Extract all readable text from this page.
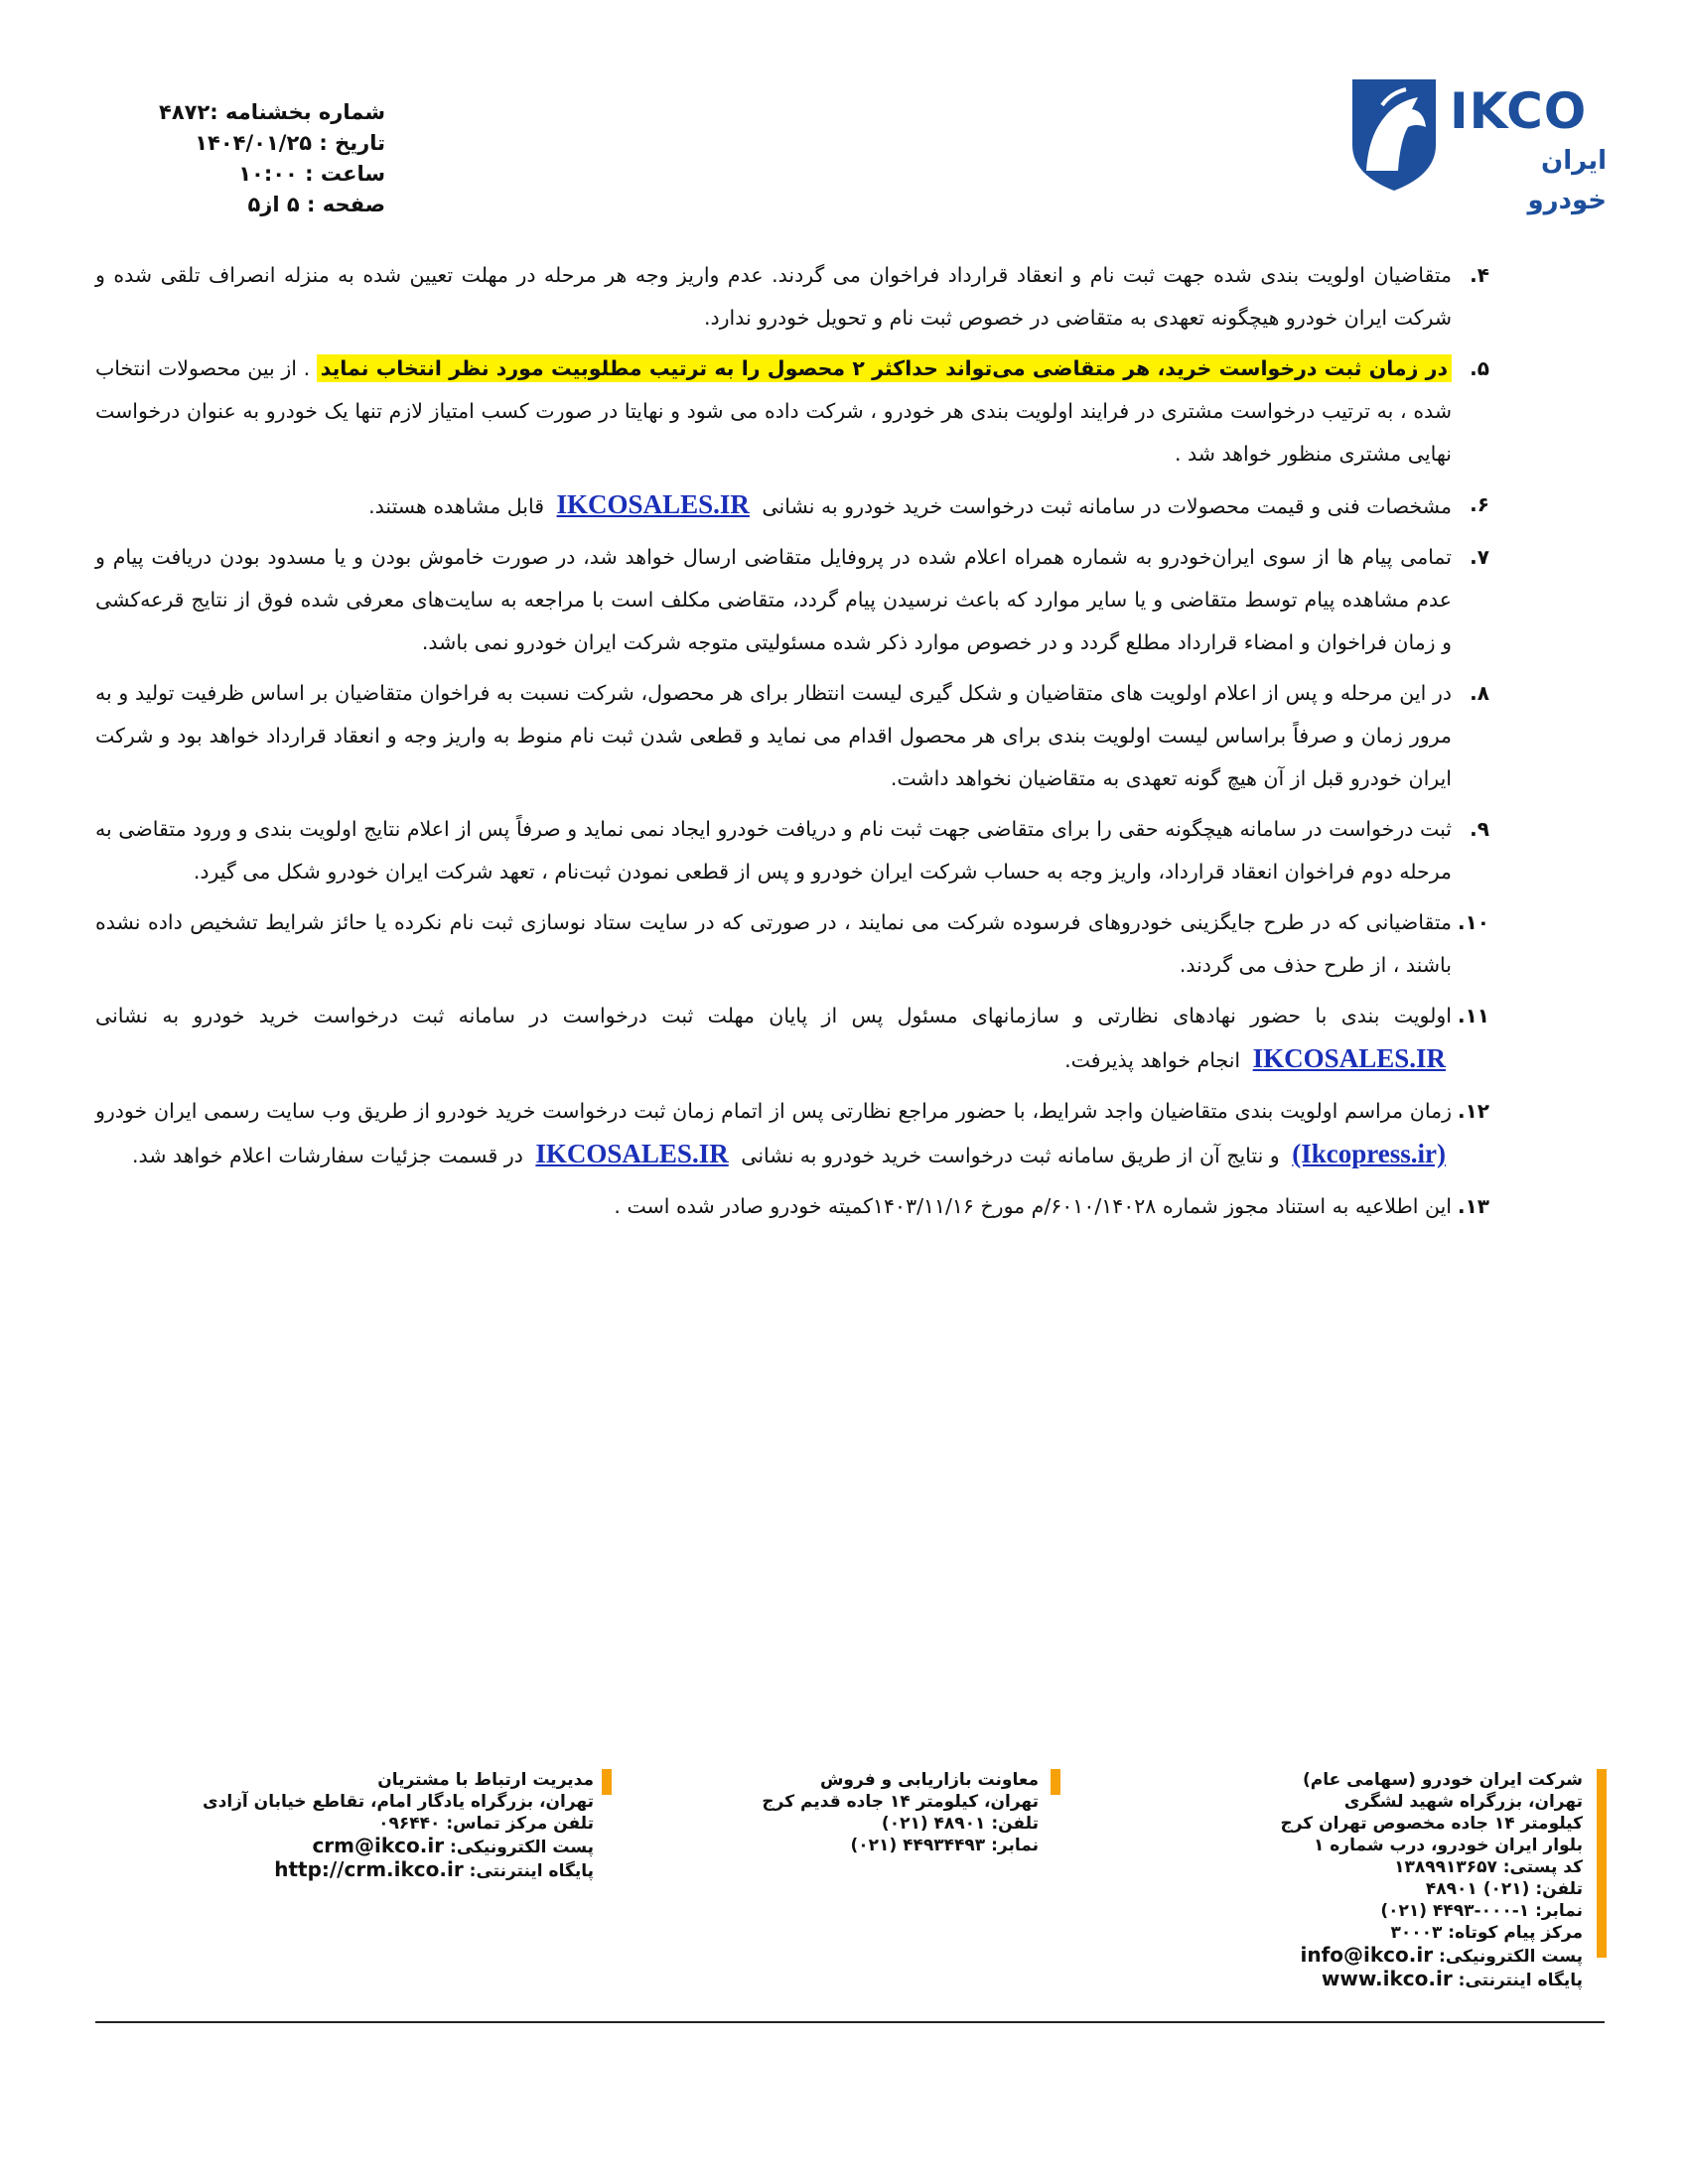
IKCO
ایران خودرو
شماره بخشنامه :۴۸۷۲
تاریخ : ۱۴۰۴/۰۱/۲۵
ساعت : ۱۰:۰۰
صفحه : ۵ از۵
۴.
متقاضیان اولویت بندی شده جهت ثبت نام و انعقاد قرارداد فراخوان می گردند. عدم واریز وجه هر مرحله در مهلت تعیین شده به منزله انصراف تلقی شده و شرکت ایران خودرو هیچگونه تعهدی به متقاضی در خصوص ثبت نام و تحویل خودرو ندارد.
۵.
در زمان ثبت درخواست خرید، هر متقاضی می‌تواند حداکثر ۲ محصول را به ترتیب مطلوبیت مورد نظر انتخاب نماید . از بین محصولات انتخاب شده ، به ترتیب درخواست مشتری در فرایند اولویت بندی هر خودرو ، شرکت داده می شود و نهایتا در صورت کسب امتیاز لازم تنها یک خودرو به عنوان درخواست نهایی مشتری منظور خواهد شد .
۶.
مشخصات فنی و قیمت محصولات در سامانه ثبت درخواست خرید خودرو به نشانی IKCOSALES.IR قابل مشاهده هستند.
۷.
تمامی پیام ها از سوی ایران‌خودرو به شماره همراه اعلام شده در پروفایل متقاضی ارسال خواهد شد، در صورت خاموش بودن و یا مسدود بودن دریافت پیام و عدم مشاهده پیام توسط متقاضی و یا سایر موارد که باعث نرسیدن پیام گردد، متقاضی مکلف است با مراجعه به سایت‌های معرفی شده فوق از نتایج قرعه‌کشی و زمان فراخوان و امضاء قرارداد مطلع گردد و در خصوص موارد ذکر شده مسئولیتی متوجه شرکت ایران خودرو نمی باشد.
۸.
در این مرحله و پس از اعلام اولویت های متقاضیان و شکل گیری لیست انتظار برای هر محصول، شرکت نسبت به فراخوان متقاضیان بر اساس ظرفیت تولید و به مرور زمان و صرفاً براساس لیست اولویت بندی برای هر محصول اقدام می نماید و قطعی شدن ثبت نام منوط به واریز وجه و انعقاد قرارداد خواهد بود و شرکت ایران خودرو قبل از آن هیچ گونه تعهدی به متقاضیان نخواهد داشت.
۹.
ثبت درخواست در سامانه هیچگونه حقی را برای متقاضی جهت ثبت نام و دریافت خودرو ایجاد نمی نماید و صرفاً پس از اعلام نتایج اولویت بندی و ورود متقاضی به مرحله دوم فراخوان انعقاد قرارداد، واریز وجه به حساب شرکت ایران خودرو و پس از قطعی نمودن ثبت‌نام ، تعهد شرکت ایران خودرو شکل می گیرد.
۱۰.
متقاضیانی که در طرح جایگزینی خودروهای فرسوده شرکت می نمایند ، در صورتی که در سایت ستاد نوسازی ثبت نام نکرده یا حائز شرایط تشخیص داده نشده باشند ، از طرح حذف می گردند.
۱۱.
اولویت بندی با حضور نهادهای نظارتی و سازمانهای مسئول پس از پایان مهلت ثبت درخواست در سامانه ثبت درخواست خرید خودرو به نشانی IKCOSALES.IR انجام خواهد پذیرفت.
۱۲.
زمان مراسم اولویت بندی متقاضیان واجد شرایط، با حضور مراجع نظارتی پس از اتمام زمان ثبت درخواست خرید خودرو از طریق وب سایت رسمی ایران خودرو (Ikcopress.ir) و نتایج آن از طریق سامانه ثبت درخواست خرید خودرو به نشانی IKCOSALES.IR در قسمت جزئیات سفارشات اعلام خواهد شد.
۱۳.
این اطلاعیه به استناد مجوز شماره ۶۰۱۰/۱۴۰۲۸/م مورخ ۱۴۰۳/۱۱/۱۶کمیته خودرو صادر شده است .
شرکت ایران خودرو (سهامی عام)
تهران، بزرگراه شهید لشگری
کیلومتر ۱۴ جاده مخصوص تهران کرج
بلوار ایران خودرو، درب شماره ۱
کد پستی: ۱۳۸۹۹۱۳۶۵۷
تلفن: (۰۲۱) ۴۸۹۰۱
نمابر: ۱-۰۰۰-۴۴۹۳ (۰۲۱)
مرکز پیام کوتاه: ۳۰۰۰۳
پست الکترونیکی: info@ikco.ir
پایگاه اینترنتی: www.ikco.ir
معاونت بازاریابی و فروش
تهران، کیلومتر ۱۴ جاده قدیم کرج
تلفن: ۴۸۹۰۱ (۰۲۱)
نمابر: ۴۴۹۳۴۴۹۳ (۰۲۱)
مدیریت ارتباط با مشتریان
تهران، بزرگراه یادگار امام، تقاطع خیابان آزادی
تلفن مرکز تماس: ۰۹۶۴۴۰
پست الکترونیکی: crm@ikco.ir
پایگاه اینترنتی: http://crm.ikco.ir
